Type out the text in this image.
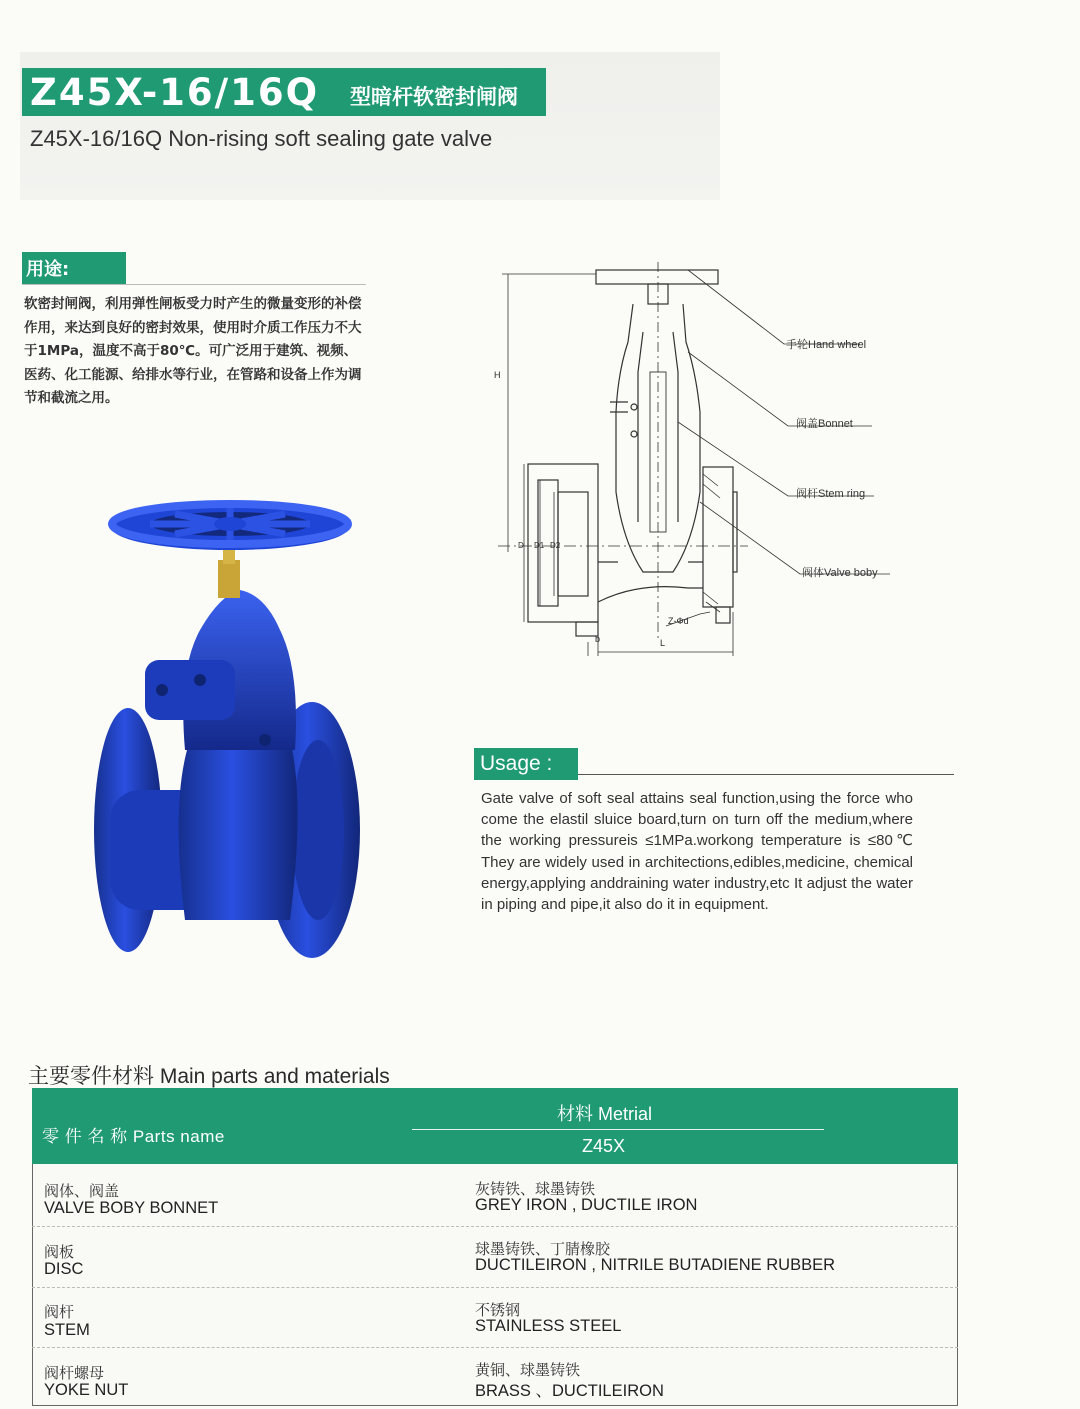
Z45X-16/16Q 型暗杆软密封闸阀
Z45X-16/16Q Non-rising soft sealing gate valve
用途:
软密封闸阀，利用弹性闸板受力时产生的微量变形的补偿作用，来达到良好的密封效果，使用时介质工作压力不大于1MPa，温度不高于80℃。可广泛用于建筑、视频、医药、化工能源、给排水等行业，在管路和设备上作为调节和截流之用。
H
L
b
Z-Φd
D D1 D2
手轮Hand wheel
阀盖Bonnet
阀杆Stem ring
阀体Valve boby
Usage :
Gate valve of soft seal attains seal function,using the force who come the elastil sluice board,turn on turn off the medium,where the working pressureis ≤1MPa.workong temperature is ≤80℃ They are widely used in architections,edibles,medicine, chemical energy,applying anddraining water industry,etc It adjust the water in piping and pipe,it also do it in equipment.
主要零件材料 Main parts and materials
零 件 名 称 Parts name
材料 Metrial
Z45X
阀体、阀盖
VALVE BOBY BONNET
灰铸铁、球墨铸铁
GREY IRON , DUCTILE IRON
阀板
DISC
球墨铸铁、丁腈橡胶
DUCTILEIRON , NITRILE BUTADIENE RUBBER
阀杆
STEM
不锈钢
STAINLESS STEEL
阀杆螺母
YOKE NUT
黄铜、球墨铸铁
BRASS 、DUCTILEIRON
